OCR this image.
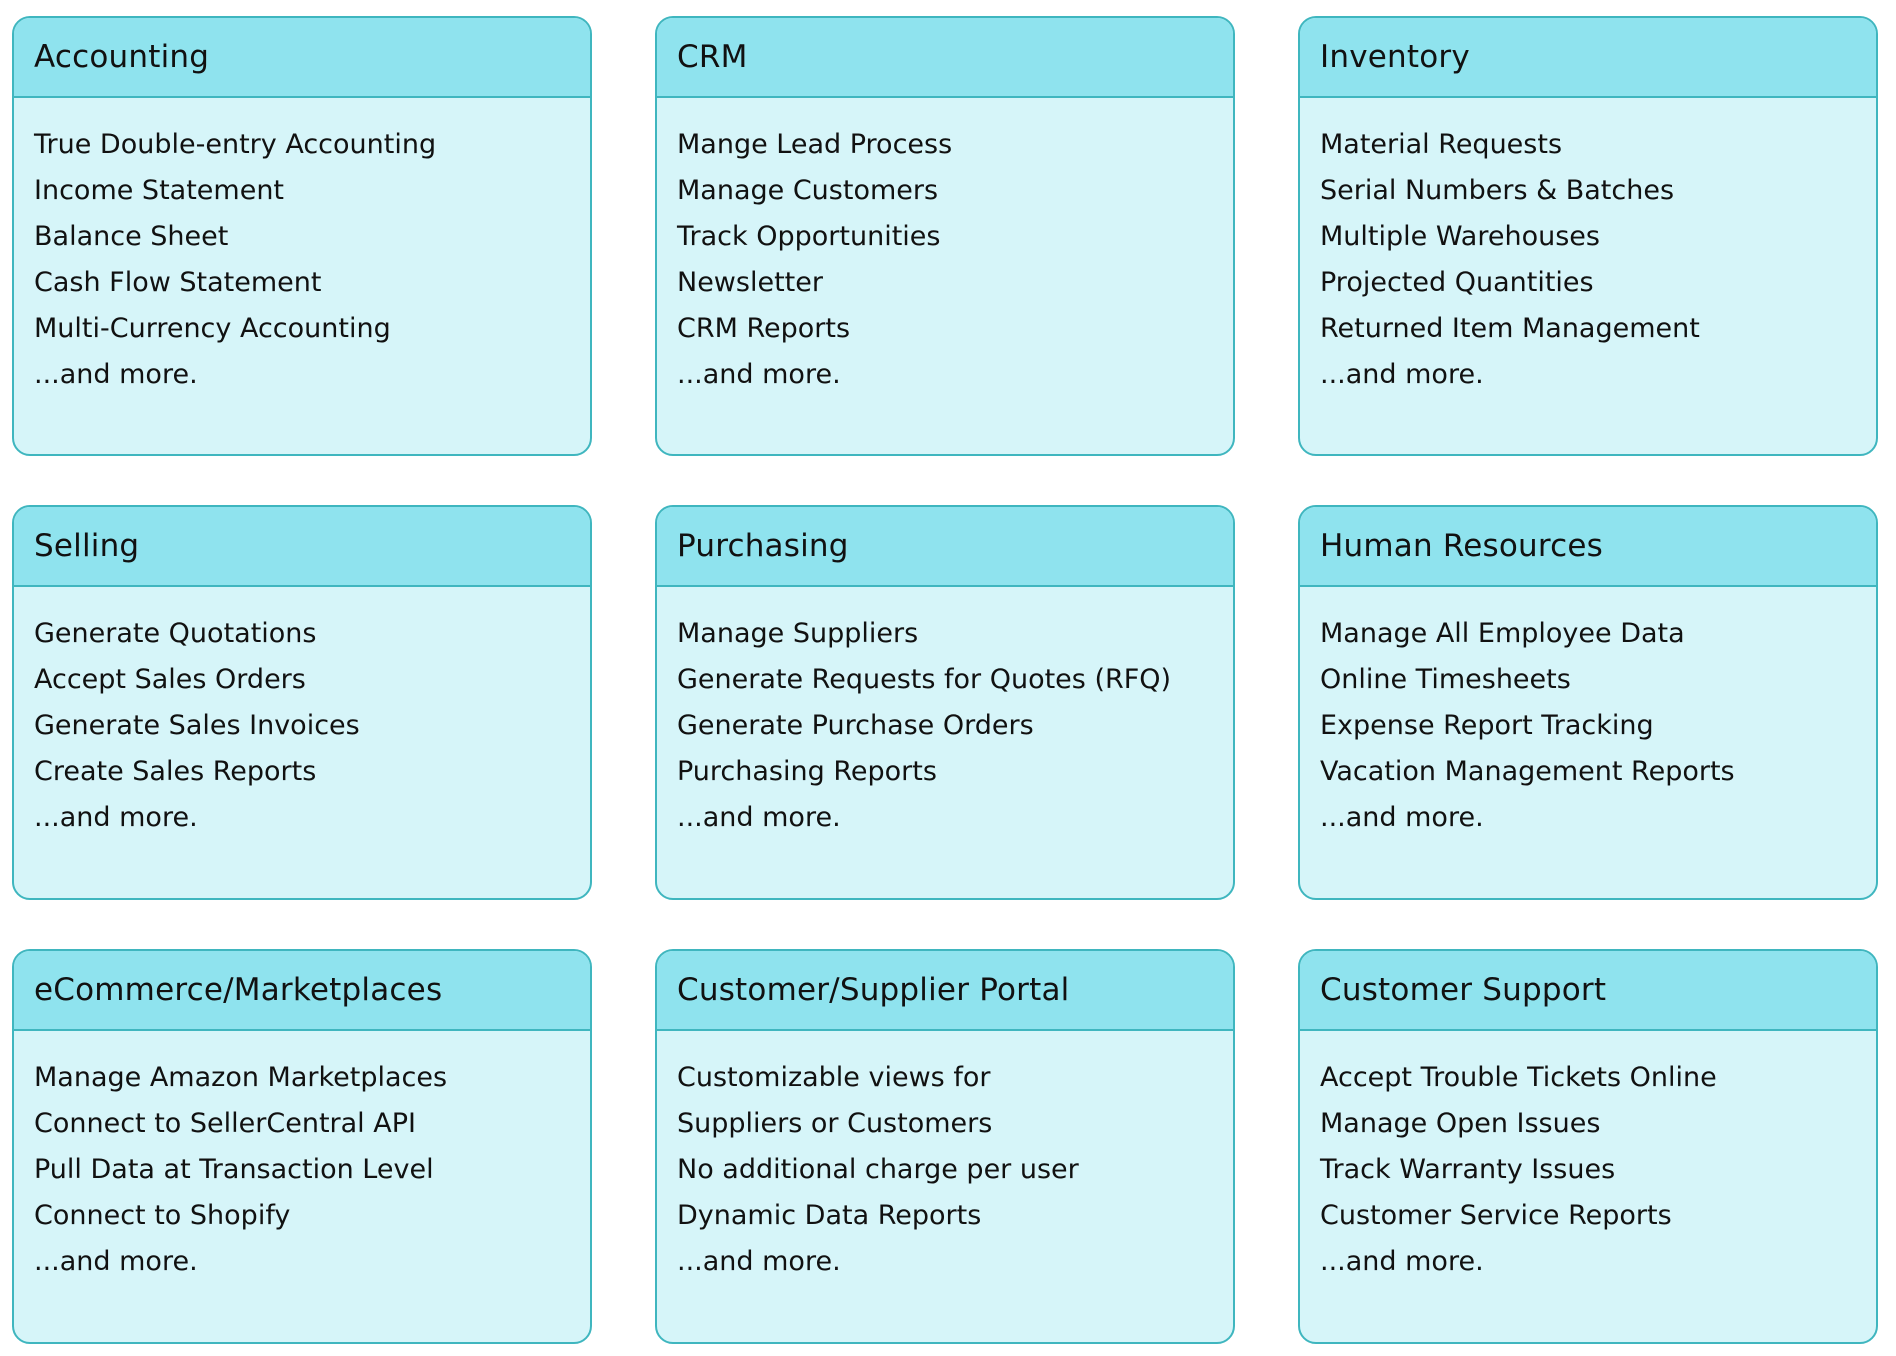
Accounting
True Double-entry Accounting
Income Statement
Balance Sheet
Cash Flow Statement
Multi-Currency Accounting
...and more.
CRM
Mange Lead Process
Manage Customers
Track Opportunities
Newsletter
CRM Reports
...and more.
Inventory
Material Requests
Serial Numbers & Batches
Multiple Warehouses
Projected Quantities
Returned Item Management
...and more.
Selling
Generate Quotations
Accept Sales Orders
Generate Sales Invoices
Create Sales Reports
...and more.
Purchasing
Manage Suppliers
Generate Requests for Quotes (RFQ)
Generate Purchase Orders
Purchasing Reports
...and more.
Human Resources
Manage All Employee Data
Online Timesheets
Expense Report Tracking
Vacation Management Reports
...and more.
eCommerce/Marketplaces
Manage Amazon Marketplaces
Connect to SellerCentral API
Pull Data at Transaction Level
Connect to Shopify
...and more.
Customer/Supplier Portal
Customizable views for
Suppliers or Customers
No additional charge per user
Dynamic Data Reports
...and more.
Customer Support
Accept Trouble Tickets Online
Manage Open Issues
Track Warranty Issues
Customer Service Reports
...and more.
